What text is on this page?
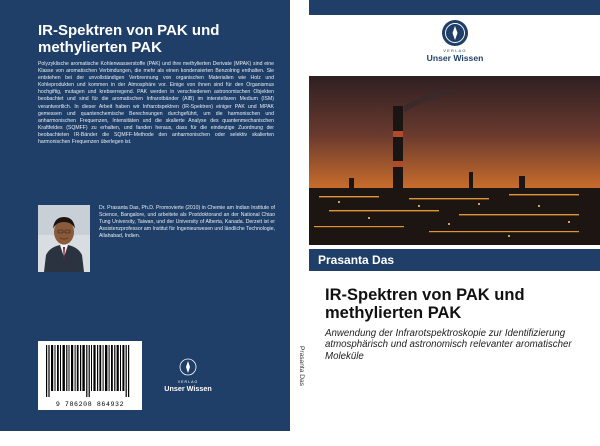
IR-Spektren von PAK und methylierten PAK
Polyzyklische aromatische Kohlenwasserstoffe (PAK) und ihre methylierten Derivate (MPAK) sind eine Klasse von aromatischen Verbindungen, die mehr als einen kondensierten Benzolring enthalten. Sie entstehen bei der unvollständigen Verbrennung von organischen Materialien wie Holz und Kohleprodukten und kommen in der Atmosphäre vor. Einige von ihnen sind für den Organismus hochgiftig, mutagen und krebserregend. PAK werden in verschiedenen astronomischen Objekten beobachtet und sind für die aromatischen Infrarotbänder (AIB) im interstellaren Medium (ISM) verantwortlich. In dieser Arbeit haben wir Infrarotspektren (IR-Spektren) einiger PAK und MPAK gemessen und quantenchemische Berechnungen durchgeführt, um die harmonischen und anharmonischen Frequenzen, Intensitäten und die skalierte Analyse des quantenmechanischen Kraftfeldes (SQMFF) zu erhalten, und fanden heraus, dass für die eindeutige Zuordnung der beobachteten IR-Bänder die SQMFF-Methode den anharmonischen oder selektiv skalierten harmonischen Frequenzen überlegen ist.
Dr. Prasanta Das, Ph.D. Promovierte (2010) in Chemie am Indian Institute of Science, Bangalore, und arbeitete als Postdoktorand an der National Chiao Tung University, Taiwan, und der University of Alberta, Kanada. Derzeit ist er Assistenzprofessor am Institut für Ingenieurwesen und ländliche Technologie, Allahabad, Indien.
9 786208 864932
VERLAG
Unser Wissen
Prasanta Das
VERLAG
Unser Wissen
Prasanta Das
IR-Spektren von PAK und methylierten PAK
Anwendung der Infrarotspektroskopie zur Identifizierung atmosphärisch und astronomisch relevanter aromatischer Moleküle
